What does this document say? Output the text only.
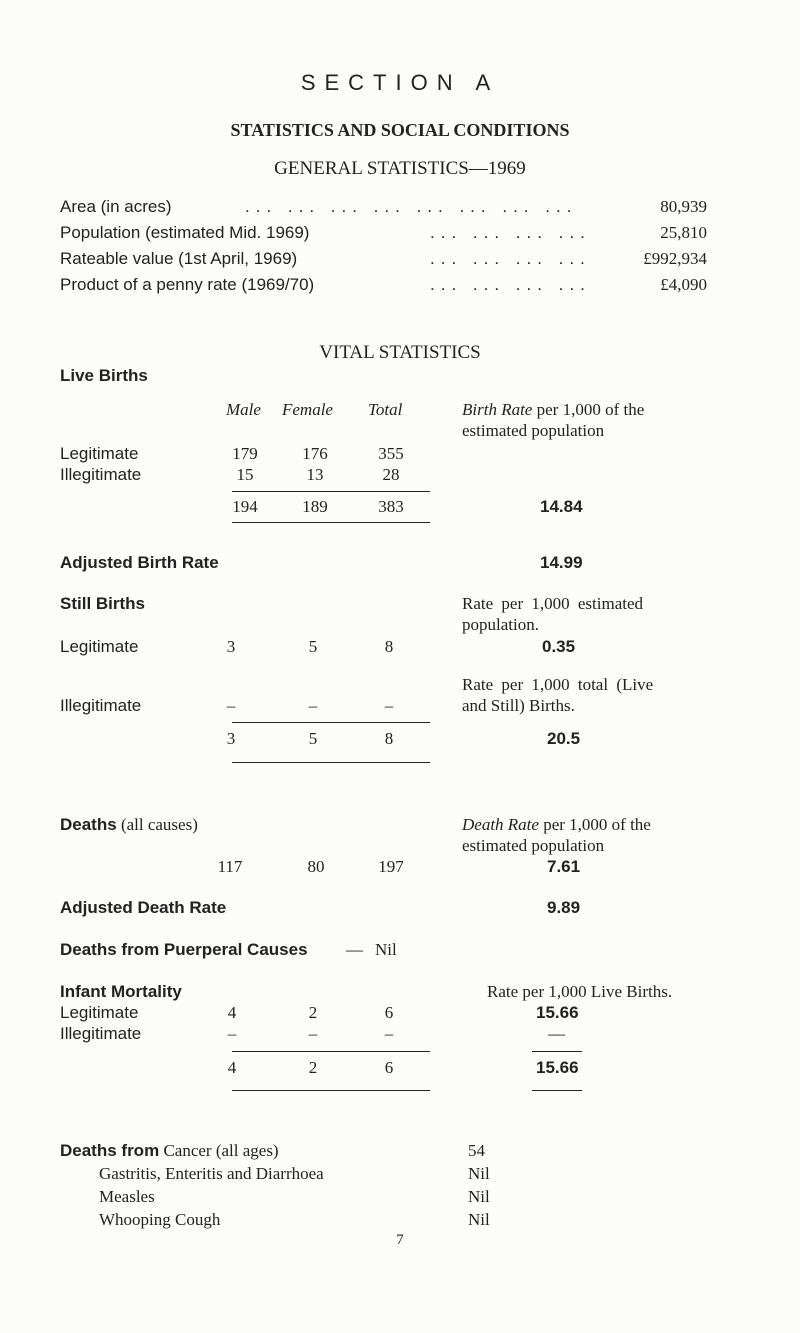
SECTION A
STATISTICS AND SOCIAL CONDITIONS
GENERAL STATISTICS—1969
Area (in acres)	... ... ... ... ... ... ... ...	80,939
Population (estimated Mid. 1969)	... ... ... ...	25,810
Rateable value (1st April, 1969)	... ... ... ...	£992,934
Product of a penny rate (1969/70)	... ... ... ...	£4,090
VITAL STATISTICS
Live Births
Male Female Total	Birth Rate per 1,000 of the
estimated population
Legitimate	179	176	355
Illegitimate	15	13	28
194	189	383	14.84
Adjusted Birth Rate	14.99
Still Births	Rate per 1,000 estimated
population.
Legitimate	3	5	8	0.35
Rate per 1,000 total (Live
and Still) Births.
Illegitimate	–	–	–
3	5	8	20.5
Deaths (all causes)	Death Rate per 1,000 of the
estimated population
117	80	197	7.61
Adjusted Death Rate	9.89
Deaths from Puerperal Causes — Nil
Infant Mortality	Rate per 1,000 Live Births.
Legitimate	4	2	6	15.66
Illegitimate	–	–	–	—
4	2	6	15.66
Deaths from Cancer (all ages)	54
Gastritis, Enteritis and Diarrhoea	Nil
Measles	Nil
Whooping Cough	Nil
7
